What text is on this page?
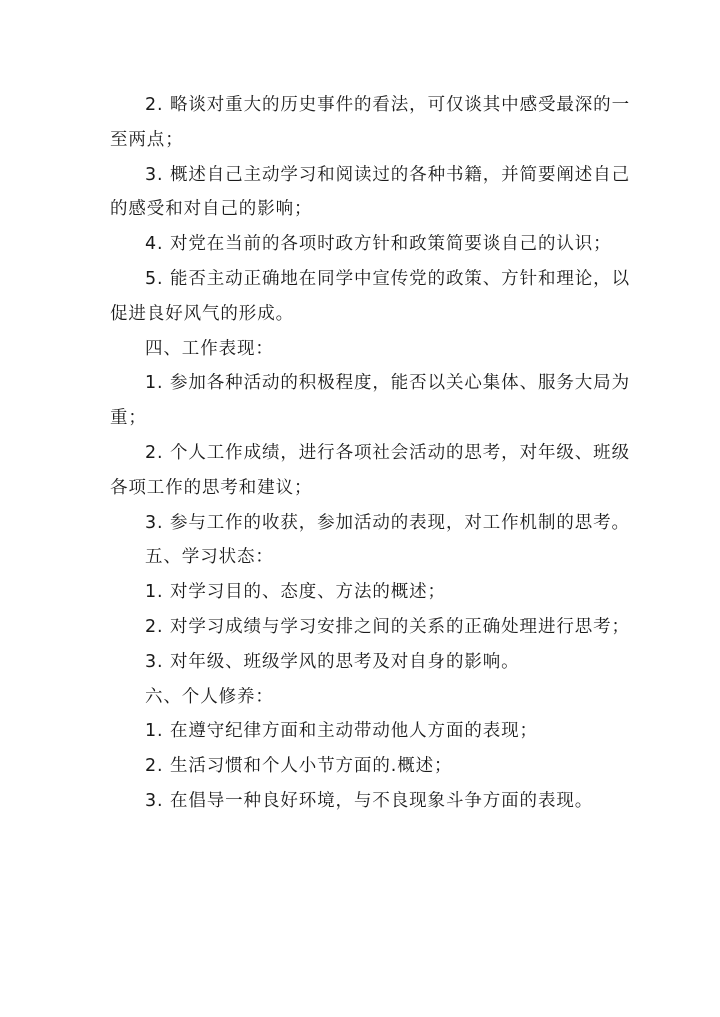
2. 略谈对重大的历史事件的看法，可仅谈其中感受最深的一至两点；

3. 概述自己主动学习和阅读过的各种书籍，并简要阐述自己的感受和对自己的影响；

4. 对党在当前的各项时政方针和政策简要谈自己的认识；

5. 能否主动正确地在同学中宣传党的政策、方针和理论，以促进良好风气的形成。

四、工作表现：

1. 参加各种活动的积极程度，能否以关心集体、服务大局为重；

2. 个人工作成绩，进行各项社会活动的思考，对年级、班级各项工作的思考和建议；

3. 参与工作的收获，参加活动的表现，对工作机制的思考。

五、学习状态：

1. 对学习目的、态度、方法的概述；

2. 对学习成绩与学习安排之间的关系的正确处理进行思考；

3. 对年级、班级学风的思考及对自身的影响。

六、个人修养：

1. 在遵守纪律方面和主动带动他人方面的表现；

2. 生活习惯和个人小节方面的.概述；

3. 在倡导一种良好环境，与不良现象斗争方面的表现。
